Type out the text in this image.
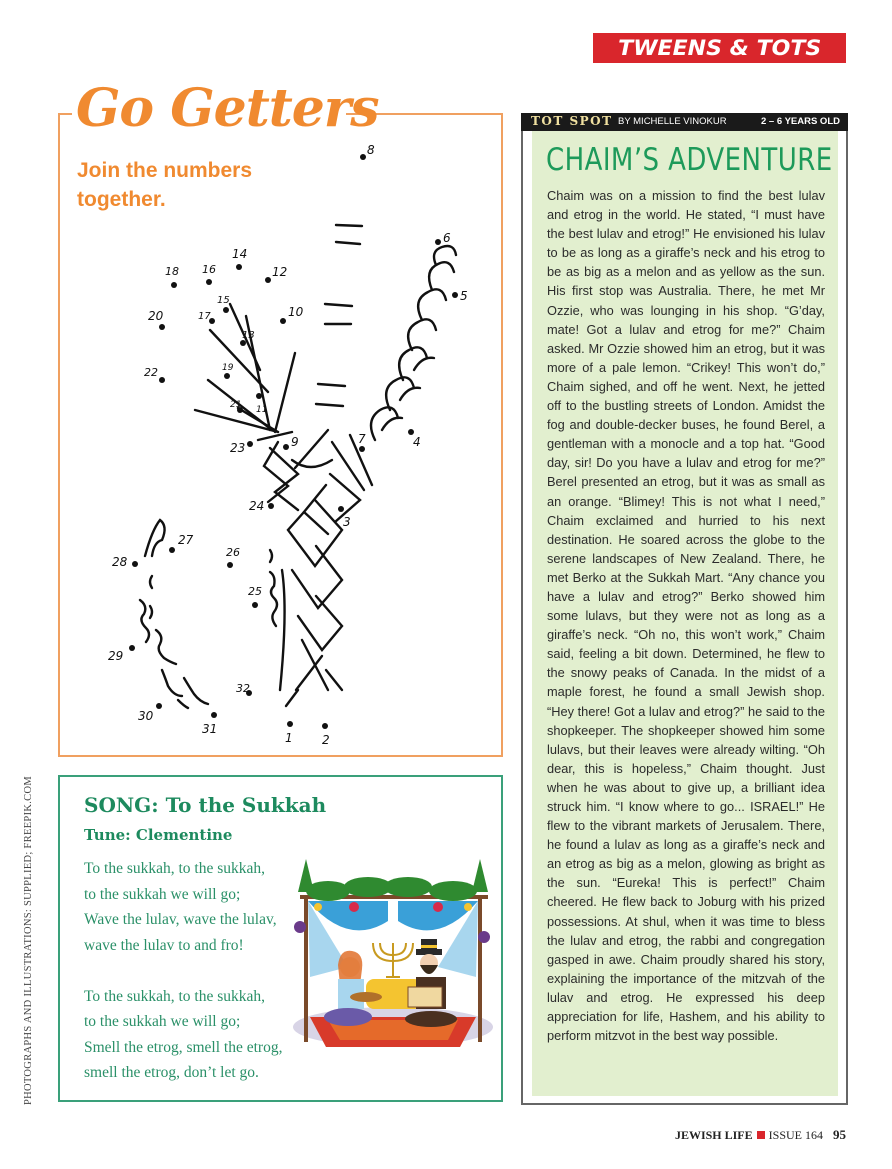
TWEENS & TOTS
Go Getters
Join the numbers together.
1 2
3
4
5
6
7
8
9
10
11
12
13
14
15
16
17
18
19
20
21
22
23
24
25
26
27
28
29
30
31
32
SONG: To the Sukkah
Tune: Clementine
To the sukkah, to the sukkah,
to the sukkah we will go;
Wave the lulav, wave the lulav,
wave the lulav to and fro!
To the sukkah, to the sukkah,
to the sukkah we will go;
Smell the etrog, smell the etrog,
smell the etrog, don’t let go.
PHOTOGRAPHS AND ILLUSTRATIONS: SUPPLIED; FREEPIK.COM
TOT SPOT BY MICHELLE VINOKUR	2 – 6 YEARS OLD
CHAIM’S ADVENTURE
Chaim was on a mission to find the best lulav and etrog in the world. He stated, “I must have the best lulav and etrog!” He envisioned his lulav to be as long as a giraffe’s neck and his etrog to be as big as a melon and as yellow as the sun. His first stop was Australia. There, he met Mr Ozzie, who was lounging in his shop. “G’day, mate! Got a lulav and etrog for me?” Chaim asked. Mr Ozzie showed him an etrog, but it was more of a pale lemon. “Crikey! This won’t do,” Chaim sighed, and off he went. Next, he jetted off to the bustling streets of London. Amidst the fog and double-decker buses, he found Berel, a gentleman with a monocle and a top hat. “Good day, sir! Do you have a lulav and etrog for me?” Berel presented an etrog, but it was as small as an orange. “Blimey! This is not what I need,” Chaim exclaimed and hurried to his next destination. He soared across the globe to the serene landscapes of New Zealand. There, he met Berko at the Sukkah Mart. “Any chance you have a lulav and etrog?” Berko showed him some lulavs, but they were not as long as a giraffe’s neck. “Oh no, this won’t work,” Chaim said, feeling a bit down. Determined, he flew to the snowy peaks of Canada. In the midst of a maple forest, he found a small Jewish shop. “Hey there! Got a lulav and etrog?” he said to the shopkeeper. The shopkeeper showed him some lulavs, but their leaves were already wilting. “Oh dear, this is hopeless,” Chaim thought. Just when he was about to give up, a brilliant idea struck him. “I know where to go... ISRAEL!” He flew to the vibrant markets of Jerusalem. There, he found a lulav as long as a giraffe’s neck and an etrog as big as a melon, glowing as bright as the sun. “Eureka! This is perfect!” Chaim cheered. He flew back to Joburg with his prized possessions. At shul, when it was time to bless the lulav and etrog, the rabbi and congregation gasped in awe. Chaim proudly shared his story, explaining the importance of the mitzvah of the lulav and etrog. He expressed his deep appreciation for life, Hashem, and his ability to perform mitzvot in the best way possible.
JEWISH LIFE ISSUE 164 95
